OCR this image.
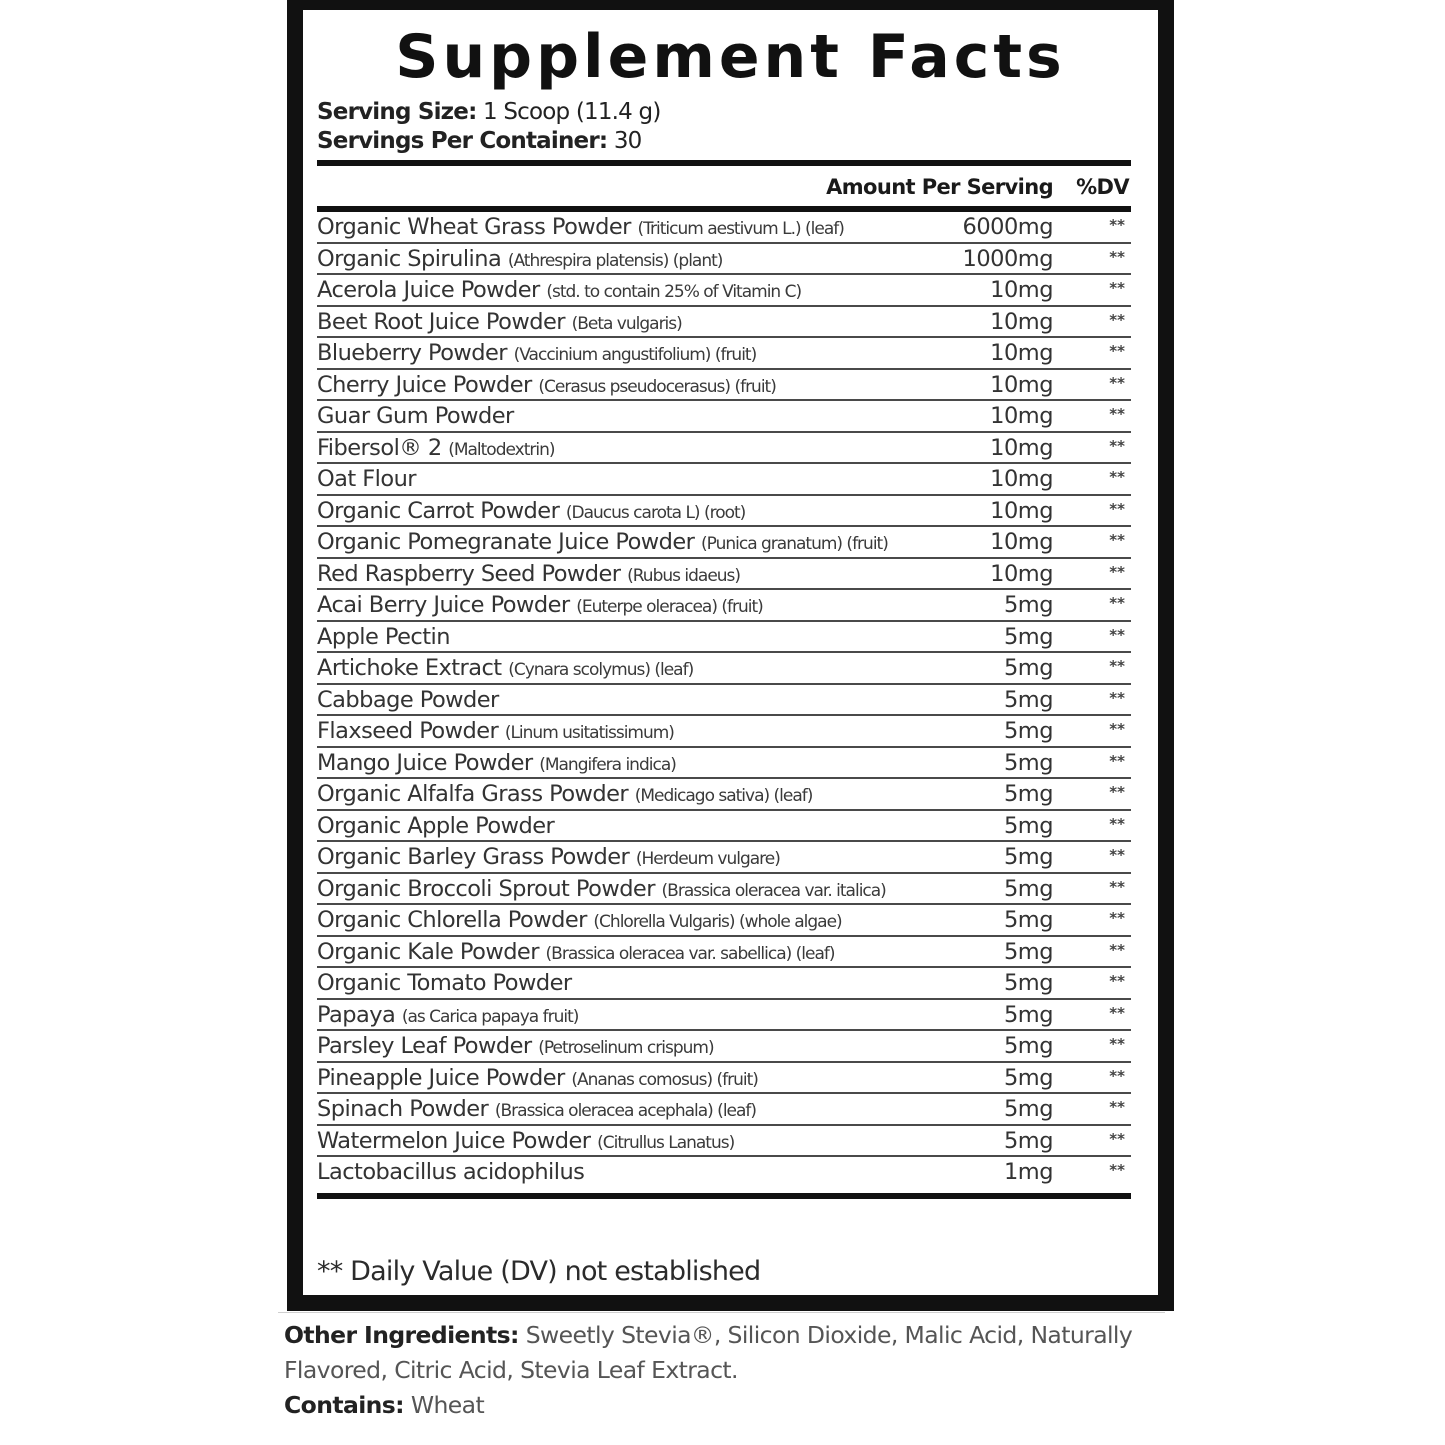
Supplement Facts
Serving Size: 1 Scoop (11.4 g)
Servings Per Container: 30
Amount Per Serving %DV
Organic Wheat Grass Powder (Triticum aestivum L.) (leaf)	6000mg	**
Organic Spirulina (Athrespira platensis) (plant)	1000mg	**
Acerola Juice Powder (std. to contain 25% of Vitamin C)	10mg	**
Beet Root Juice Powder (Beta vulgaris)	10mg	**
Blueberry Powder (Vaccinium angustifolium) (fruit)	10mg	**
Cherry Juice Powder (Cerasus pseudocerasus) (fruit)	10mg	**
Guar Gum Powder	10mg	**
Fibersol® 2 (Maltodextrin)	10mg	**
Oat Flour	10mg	**
Organic Carrot Powder (Daucus carota L) (root)	10mg	**
Organic Pomegranate Juice Powder (Punica granatum) (fruit)	10mg	**
Red Raspberry Seed Powder (Rubus idaeus)	10mg	**
Acai Berry Juice Powder (Euterpe oleracea) (fruit)	5mg	**
Apple Pectin	5mg	**
Artichoke Extract (Cynara scolymus) (leaf)	5mg	**
Cabbage Powder	5mg	**
Flaxseed Powder (Linum usitatissimum)	5mg	**
Mango Juice Powder (Mangifera indica)	5mg	**
Organic Alfalfa Grass Powder (Medicago sativa) (leaf)	5mg	**
Organic Apple Powder	5mg	**
Organic Barley Grass Powder (Herdeum vulgare)	5mg	**
Organic Broccoli Sprout Powder (Brassica oleracea var. italica)	5mg	**
Organic Chlorella Powder (Chlorella Vulgaris) (whole algae)	5mg	**
Organic Kale Powder (Brassica oleracea var. sabellica) (leaf)	5mg	**
Organic Tomato Powder	5mg	**
Papaya (as Carica papaya fruit)	5mg	**
Parsley Leaf Powder (Petroselinum crispum)	5mg	**
Pineapple Juice Powder (Ananas comosus) (fruit)	5mg	**
Spinach Powder (Brassica oleracea acephala) (leaf)	5mg	**
Watermelon Juice Powder (Citrullus Lanatus)	5mg	**
Lactobacillus acidophilus	1mg	**
** Daily Value (DV) not established
Other Ingredients: Sweetly Stevia®, Silicon Dioxide, Malic Acid, Naturally Flavored, Citric Acid, Stevia Leaf Extract.
Contains: Wheat
